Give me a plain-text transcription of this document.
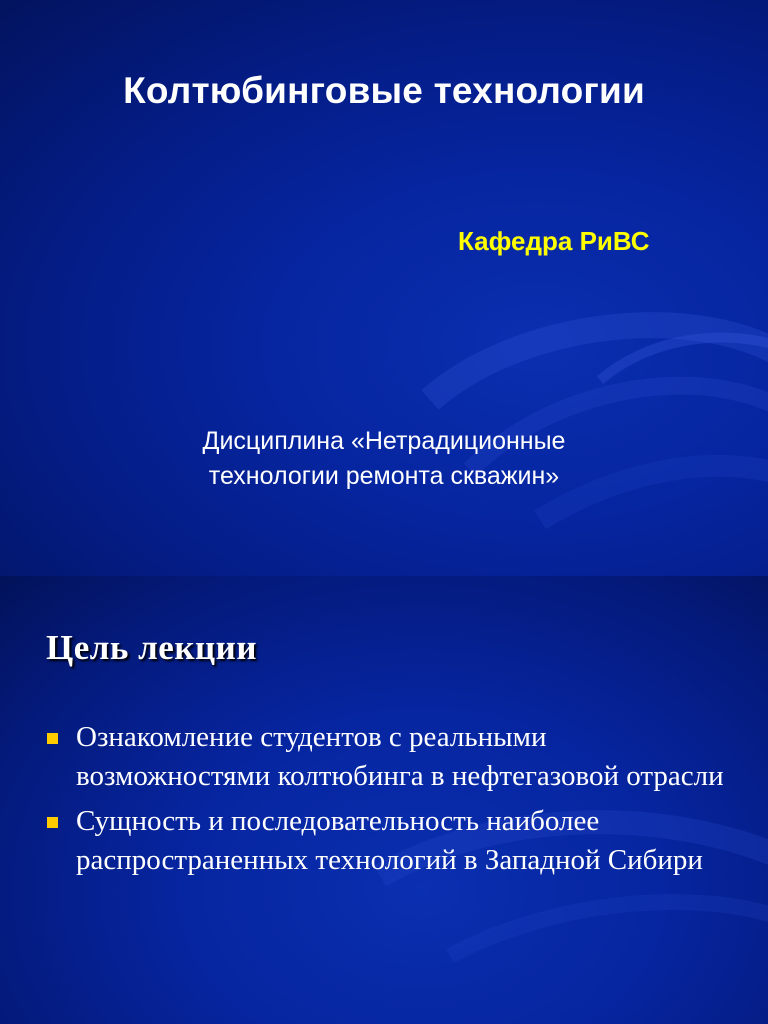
Колтюбинговые технологии
Кафедра РиВС
Дисциплина «Нетрадиционные
технологии ремонта скважин»
Цель лекции
Ознакомление студентов с реальными возможностями колтюбинга в нефтегазовой отрасли
Сущность и последовательность наиболее распространенных технологий в Западной Сибири
